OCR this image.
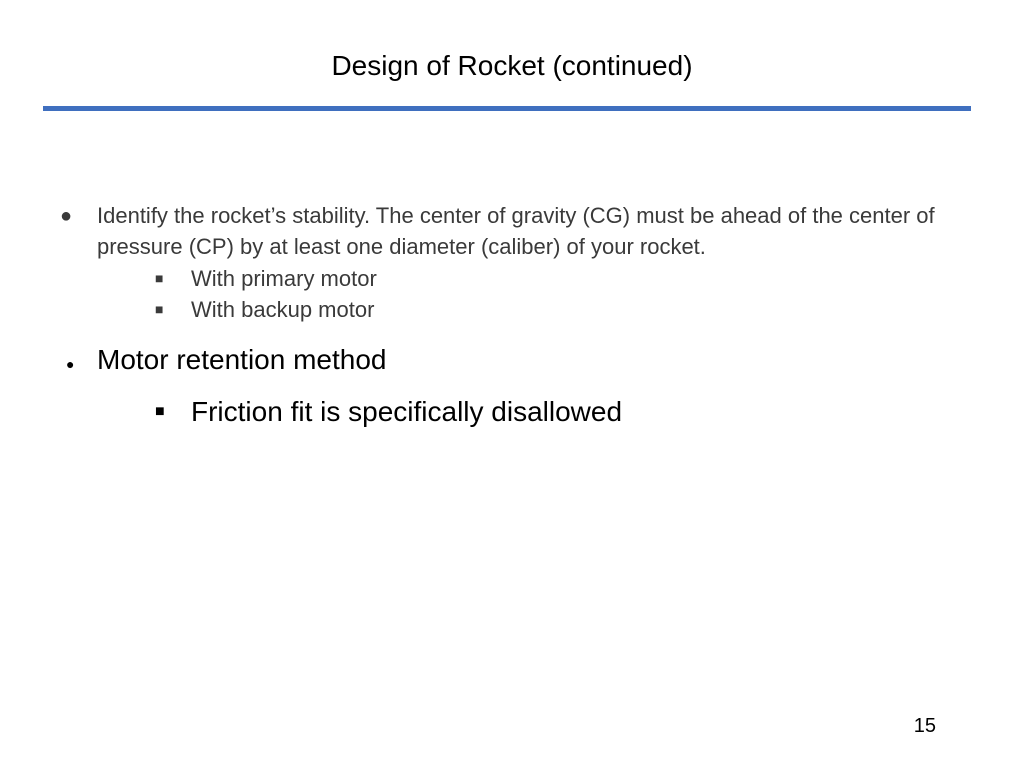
Design of Rocket (continued)
● Identify the rocket’s stability. The center of gravity (CG) must be ahead of the center of pressure (CP) by at least one diameter (caliber) of your rocket.
■ With primary motor
■ With backup motor
● Motor retention method
■ Friction fit is specifically disallowed
15
